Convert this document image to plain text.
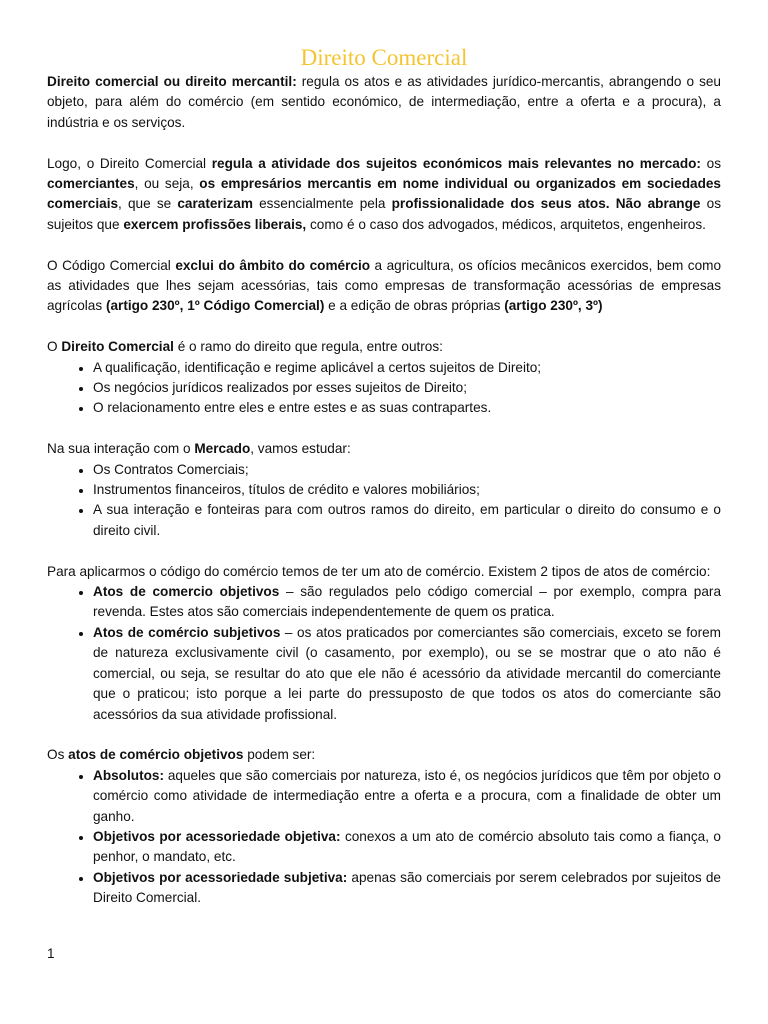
Direito Comercial

Direito comercial ou direito mercantil: regula os atos e as atividades jurídico-mercantis, abrangendo o seu objeto, para além do comércio (em sentido económico, de intermediação, entre a oferta e a procura), a indústria e os serviços.

Logo, o Direito Comercial regula a atividade dos sujeitos económicos mais relevantes no mercado: os comerciantes, ou seja, os empresários mercantis em nome individual ou organizados em sociedades comerciais, que se caraterizam essencialmente pela profissionalidade dos seus atos. Não abrange os sujeitos que exercem profissões liberais, como é o caso dos advogados, médicos, arquitetos, engenheiros.

O Código Comercial exclui do âmbito do comércio a agricultura, os ofícios mecânicos exercidos, bem como as atividades que lhes sejam acessórias, tais como empresas de transformação acessórias de empresas agrícolas (artigo 230º, 1º Código Comercial) e a edição de obras próprias (artigo 230º, 3º)

O Direito Comercial é o ramo do direito que regula, entre outros:

• A qualificação, identificação e regime aplicável a certos sujeitos de Direito;
• Os negócios jurídicos realizados por esses sujeitos de Direito;
• O relacionamento entre eles e entre estes e as suas contrapartes.

Na sua interação com o Mercado, vamos estudar:

• Os Contratos Comerciais;
• Instrumentos financeiros, títulos de crédito e valores mobiliários;
• A sua interação e fonteiras para com outros ramos do direito, em particular o direito do consumo e o direito civil.

Para aplicarmos o código do comércio temos de ter um ato de comércio. Existem 2 tipos de atos de comércio:

• Atos de comercio objetivos – são regulados pelo código comercial – por exemplo, compra para revenda. Estes atos são comerciais independentemente de quem os pratica.
• Atos de comércio subjetivos – os atos praticados por comerciantes são comerciais, exceto se forem de natureza exclusivamente civil (o casamento, por exemplo), ou se se mostrar que o ato não é comercial, ou seja, se resultar do ato que ele não é acessório da atividade mercantil do comerciante que o praticou; isto porque a lei parte do pressuposto de que todos os atos do comerciante são acessórios da sua atividade profissional.

Os atos de comércio objetivos podem ser:

• Absolutos: aqueles que são comerciais por natureza, isto é, os negócios jurídicos que têm por objeto o comércio como atividade de intermediação entre a oferta e a procura, com a finalidade de obter um ganho.
• Objetivos por acessoriedade objetiva: conexos a um ato de comércio absoluto tais como a fiança, o penhor, o mandato, etc.
• Objetivos por acessoriedade subjetiva: apenas são comerciais por serem celebrados por sujeitos de Direito Comercial.
1
